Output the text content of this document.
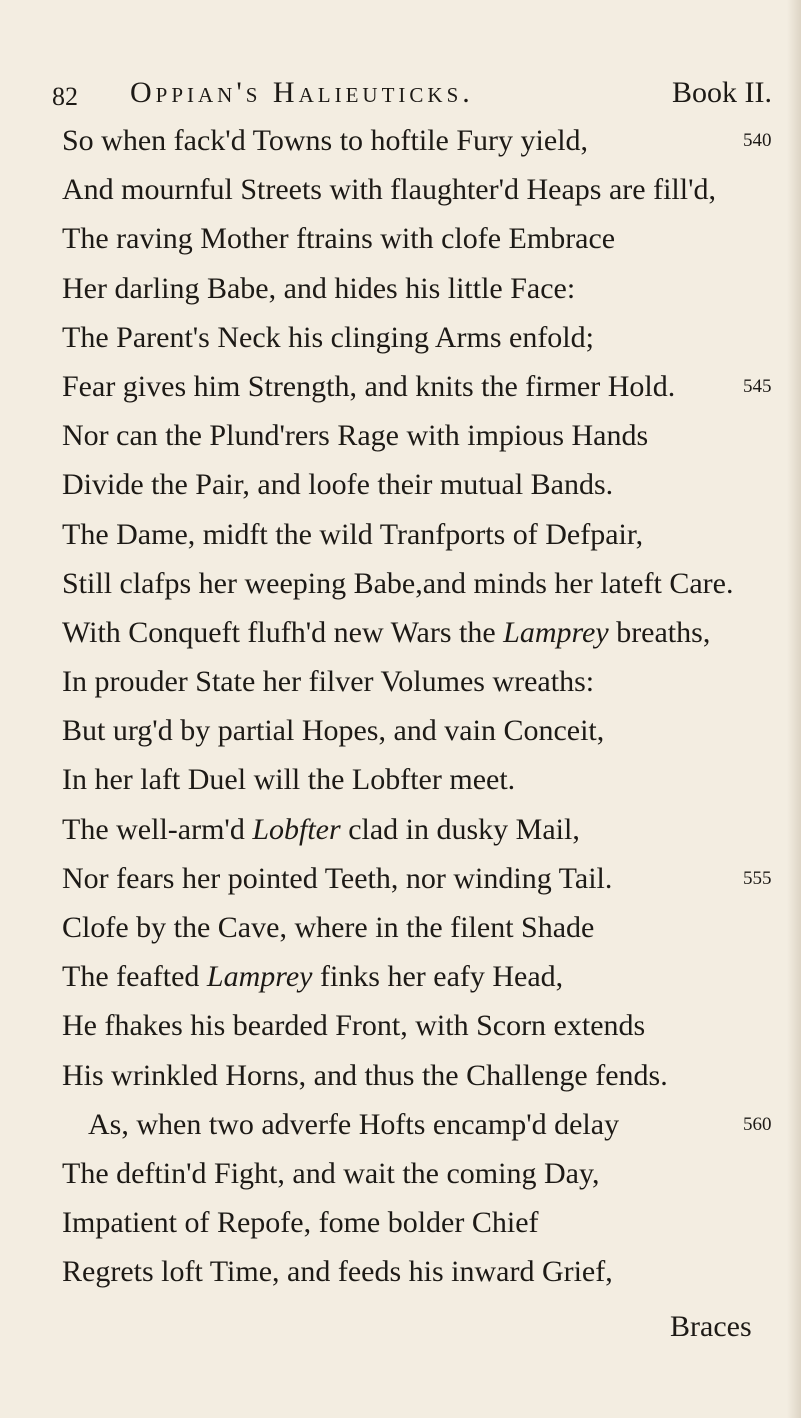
82 Oppian's Halieuticks.	Book II.
So when fack'd Towns to hoftile Fury yield,	540
And mournful Streets with flaughter'd Heaps are fill'd,
The raving Mother ftrains with clofe Embrace
Her darling Babe, and hides his little Face:
The Parent's Neck his clinging Arms enfold;
Fear gives him Strength, and knits the firmer Hold.	545
Nor can the Plund'rers Rage with impious Hands
Divide the Pair, and loofe their mutual Bands.
The Dame, midft the wild Tranfports of Defpair,
Still clafps her weeping Babe,and minds her lateft Care.
With Conqueft flufh'd new Wars the Lamprey breaths,
In prouder State her filver Volumes wreaths:
But urg'd by partial Hopes, and vain Conceit,
In her laft Duel will the Lobfter meet.
The well-arm'd Lobfter clad in dusky Mail,
Nor fears her pointed Teeth, nor winding Tail.	555
Clofe by the Cave, where in the filent Shade
The feafted Lamprey finks her eafy Head,
He fhakes his bearded Front, with Scorn extends
His wrinkled Horns, and thus the Challenge fends.
As, when two adverfe Hofts encamp'd delay	560
The deftin'd Fight, and wait the coming Day,
Impatient of Repofe, fome bolder Chief
Regrets loft Time, and feeds his inward Grief,
Braces
